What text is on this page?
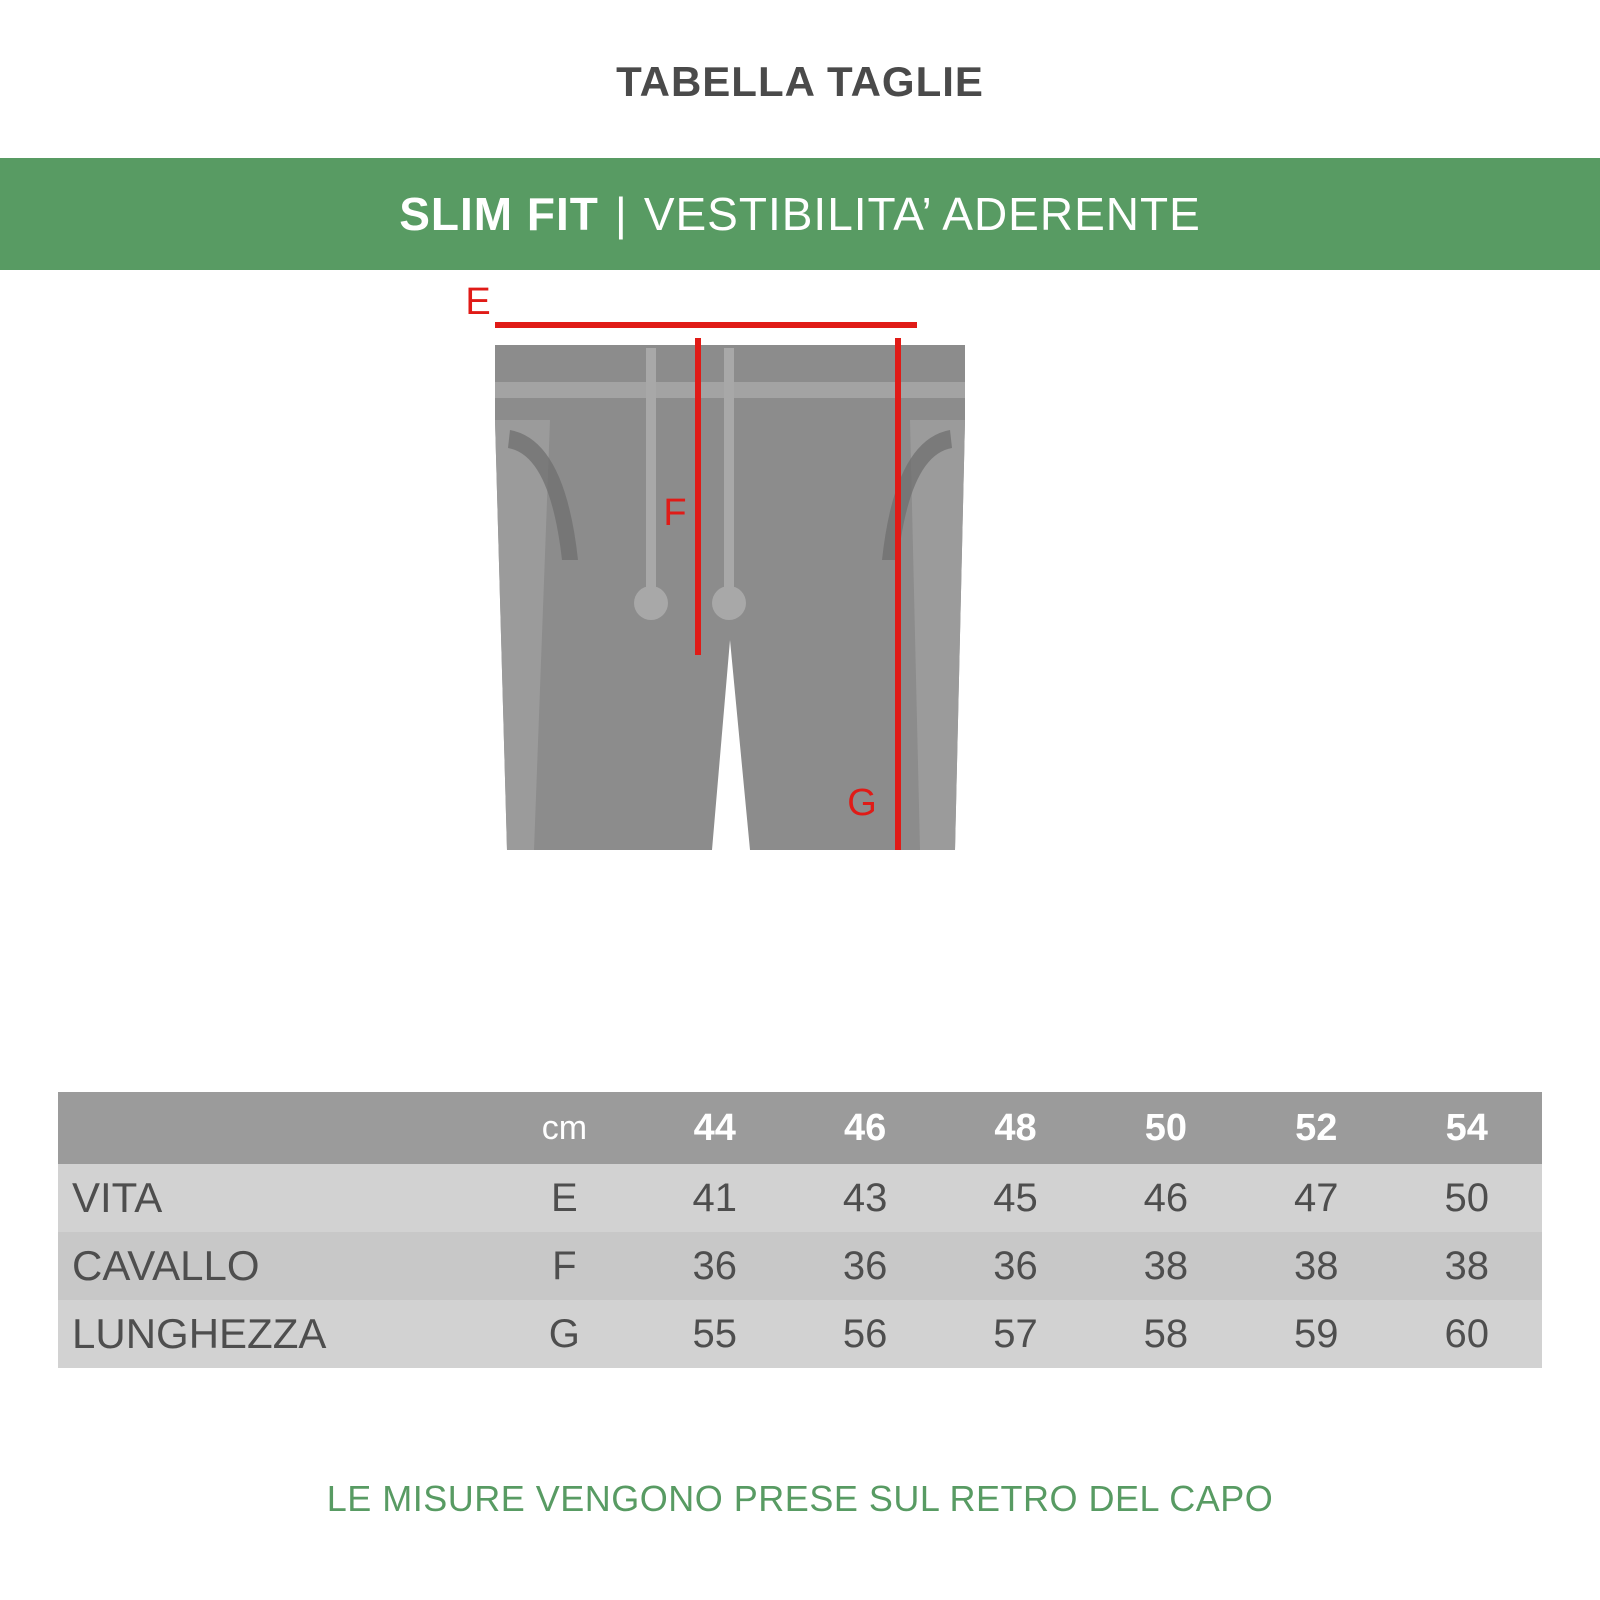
TABELLA TAGLIE
SLIM FIT | VESTIBILITA’ ADERENTE
E
F
G
	cm	44	46	48	50	52	54
VITA	E	41	43	45	46	47	50
CAVALLO	F	36	36	36	38	38	38
LUNGHEZZA	G	55	56	57	58	59	60
LE MISURE VENGONO PRESE SUL RETRO DEL CAPO
